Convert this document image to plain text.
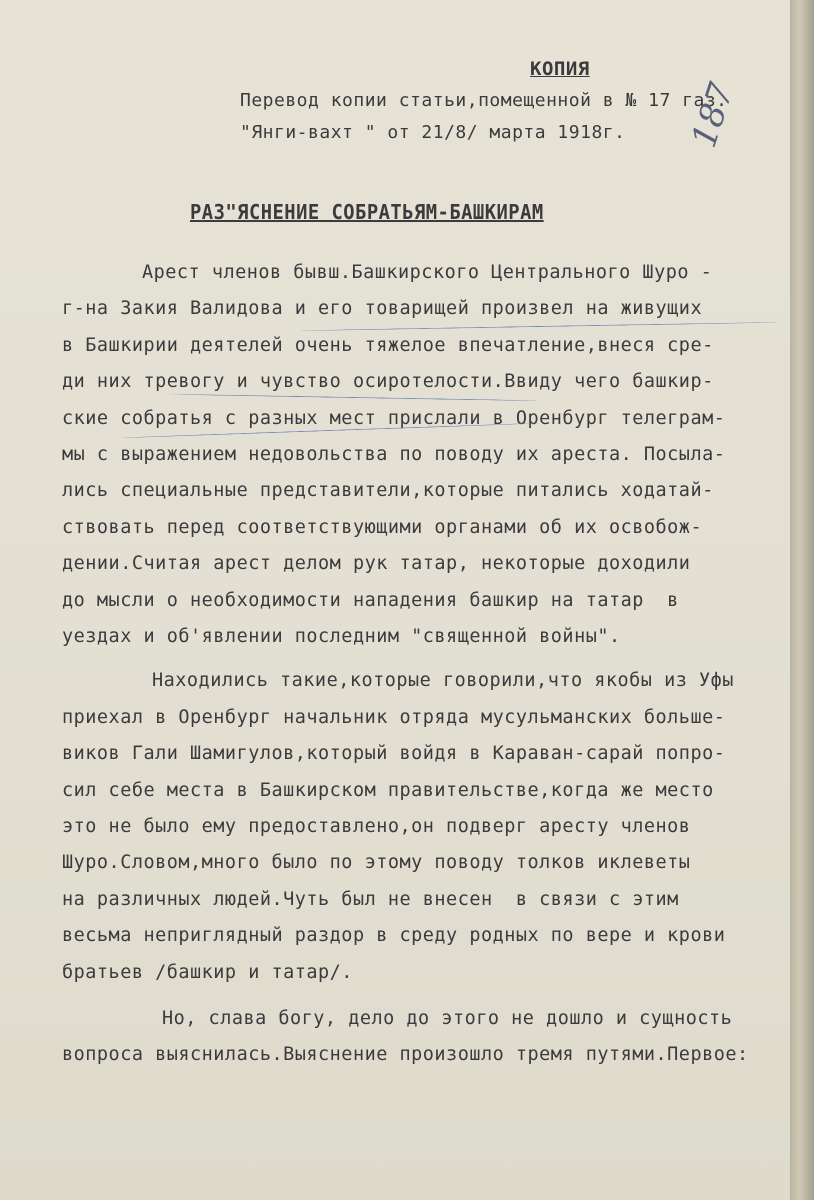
КОПИЯ

Перевод копии статьи,помещенной в № 17 газ.

"Янги-вахт " от 21/8/ марта 1918г. 187

РАЗ"ЯСНЕНИЕ СОБРАТЬЯМ-БАШКИРАМ

Арест членов бывш.Башкирского Центрального Шуро -

г-на Закия Валидова и его товарищей произвел на живущих

в Башкирии деятелей очень тяжелое впечатление,внеся сре-

ди них тревогу и чувство осиротелости.Ввиду чего башкир-

ские собратья с разных мест прислали в Оренбург телеграм-

мы с выражением недовольства по поводу их ареста. Посыла-

лись специальные представители,которые питались ходатай-

ствовать перед соответствующими органами об их освобож-

дении.Считая арест делом рук татар, некоторые доходили

до мысли о необходимости нападения башкир на татар  в

уездах и об'явлении последним "священной войны".

Находились такие,которые говорили,что якобы из Уфы

приехал в Оренбург начальник отряда мусульманских больше-

виков Гали Шамигулов,который войдя в Караван-сарай попро-

сил себе места в Башкирском правительстве,когда же место

это не было ему предоставлено,он подверг аресту членов

Шуро.Словом,много было по этому поводу толков иклеветы

на различных людей.Чуть был не внесен  в связи с этим

весьма неприглядный раздор в среду родных по вере и крови

братьев /башкир и татар/.

Но, слава богу, дело до этого не дошло и сущность

вопроса выяснилась.Выяснение произошло тремя путями.Первое:
